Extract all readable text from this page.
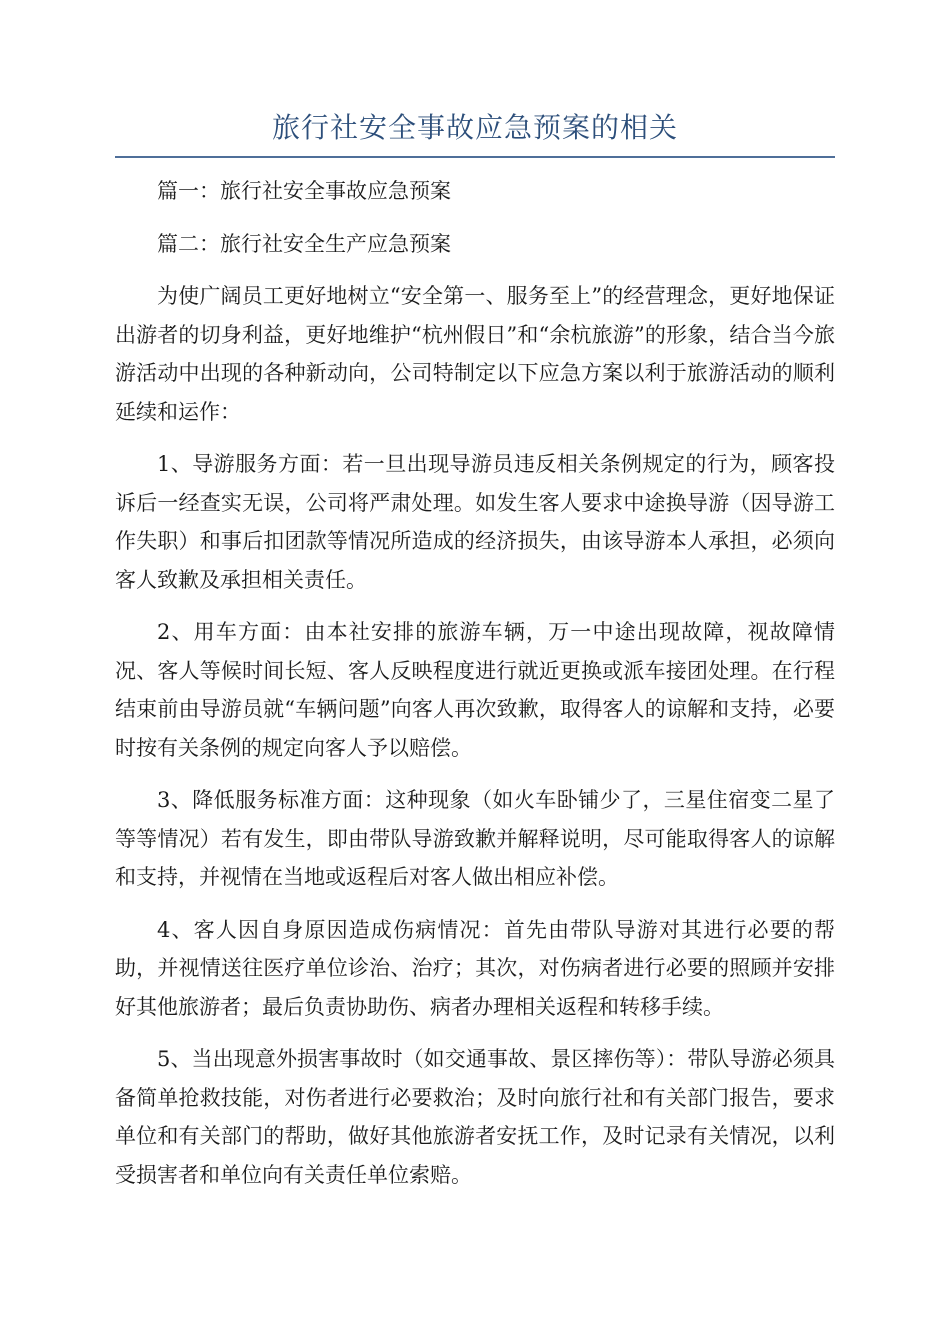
旅行社安全事故应急预案的相关

篇一：旅行社安全事故应急预案

篇二：旅行社安全生产应急预案

为使广阔员工更好地树立“安全第一、服务至上”的经营理念，更好地保证出游者的切身利益，更好地维护“杭州假日”和“余杭旅游”的形象，结合当今旅游活动中出现的各种新动向，公司特制定以下应急方案以利于旅游活动的顺利延续和运作：

1、导游服务方面：若一旦出现导游员违反相关条例规定的行为，顾客投诉后一经查实无误，公司将严肃处理。如发生客人要求中途换导游（因导游工作失职）和事后扣团款等情况所造成的经济损失，由该导游本人承担，必须向客人致歉及承担相关责任。

2、用车方面：由本社安排的旅游车辆，万一中途出现故障，视故障情况、客人等候时间长短、客人反映程度进行就近更换或派车接团处理。在行程结束前由导游员就“车辆问题”向客人再次致歉，取得客人的谅解和支持，必要时按有关条例的规定向客人予以赔偿。

3、降低服务标准方面：这种现象（如火车卧铺少了，三星住宿变二星了等等情况）若有发生，即由带队导游致歉并解释说明，尽可能取得客人的谅解和支持，并视情在当地或返程后对客人做出相应补偿。

4、客人因自身原因造成伤病情况：首先由带队导游对其进行必要的帮助，并视情送往医疗单位诊治、治疗；其次，对伤病者进行必要的照顾并安排好其他旅游者；最后负责协助伤、病者办理相关返程和转移手续。

5、当出现意外损害事故时（如交通事故、景区摔伤等）：带队导游必须具备简单抢救技能，对伤者进行必要救治；及时向旅行社和有关部门报告，要求单位和有关部门的帮助，做好其他旅游者安抚工作，及时记录有关情况，以利受损害者和单位向有关责任单位索赔。
